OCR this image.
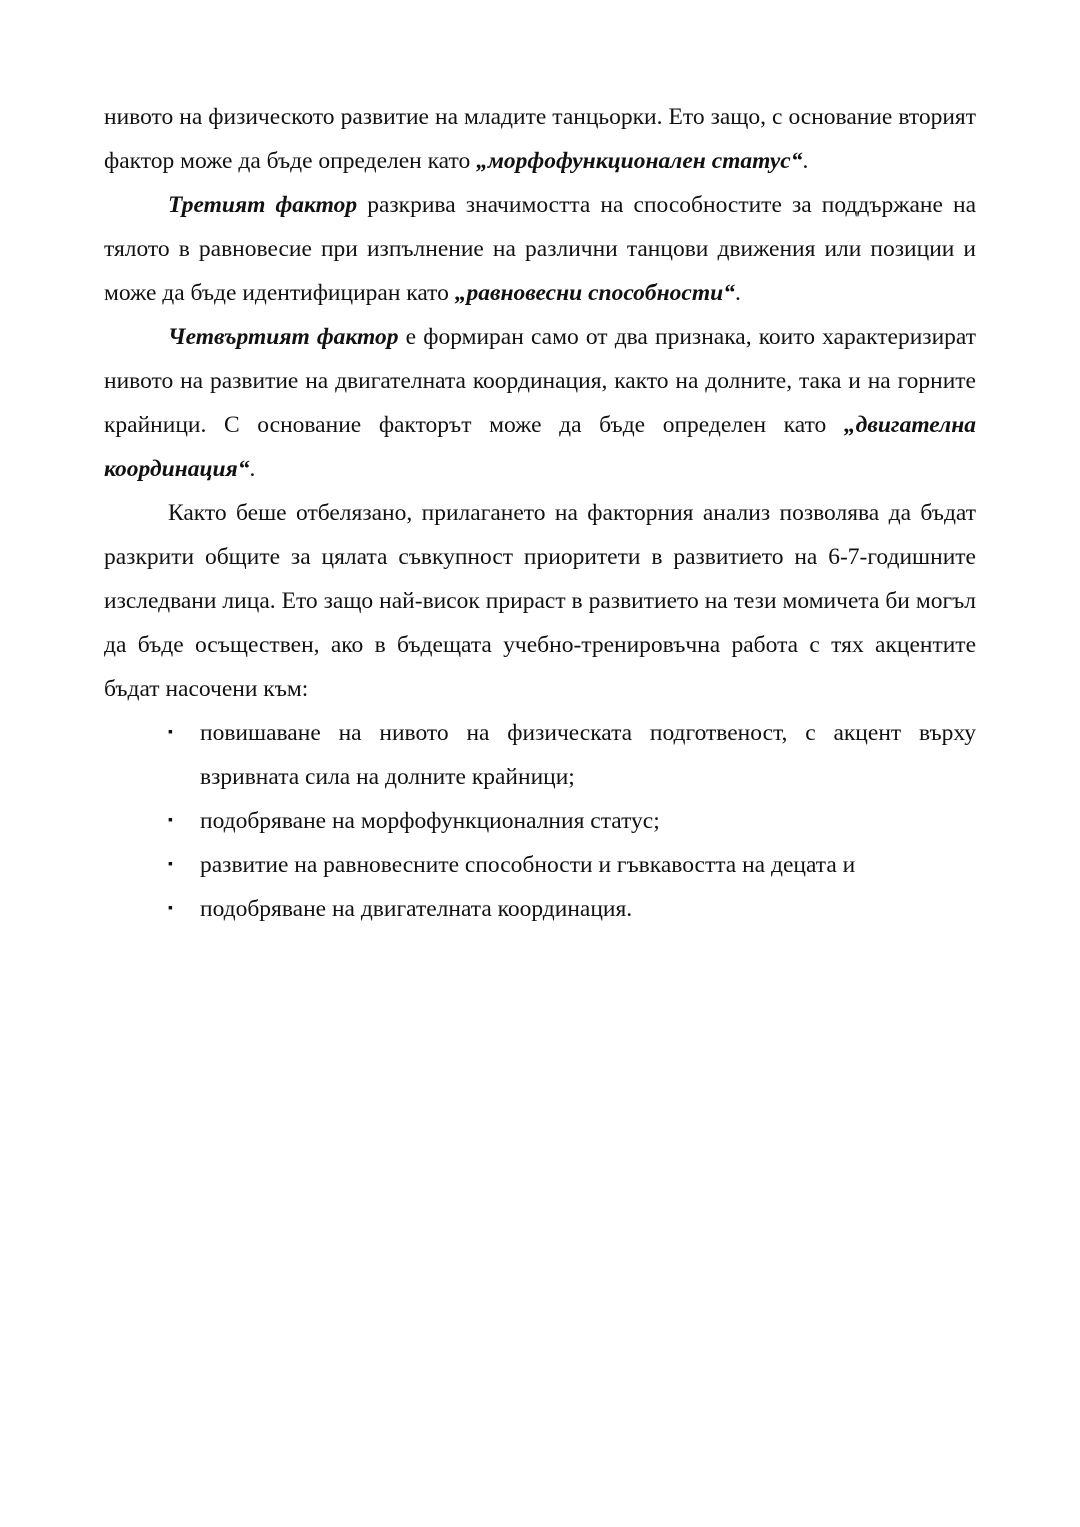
нивото на физическото развитие на младите танцьорки. Ето защо, с основание вторият фактор може да бъде определен като „морфофункционален статус“.

Третият фактор разкрива значимостта на способностите за поддържане на тялото в равновесие при изпълнение на различни танцови движения или позиции и може да бъде идентифициран като „равновесни способности“.

Четвъртият фактор е формиран само от два признака, които характеризират нивото на развитие на двигателната координация, както на долните, така и на горните крайници. С основание факторът може да бъде определен като „двигателна координация“.

Както беше отбелязано, прилагането на факторния анализ позволява да бъдат разкрити общите за цялата съвкупност приоритети в развитието на 6-7-годишните изследвани лица. Ето защо най-висок прираст в развитието на тези момичета би могъл да бъде осъществен, ако в бъдещата учебно-тренировъчна работа с тях акцентите бъдат насочени към:

▪ повишаване на нивото на физическата подготвеност, с акцент върху взривната сила на долните крайници;
▪ подобряване на морфофункционалния статус;
▪ развитие на равновесните способности и гъвкавостта на децата и
▪ подобряване на двигателната координация.
